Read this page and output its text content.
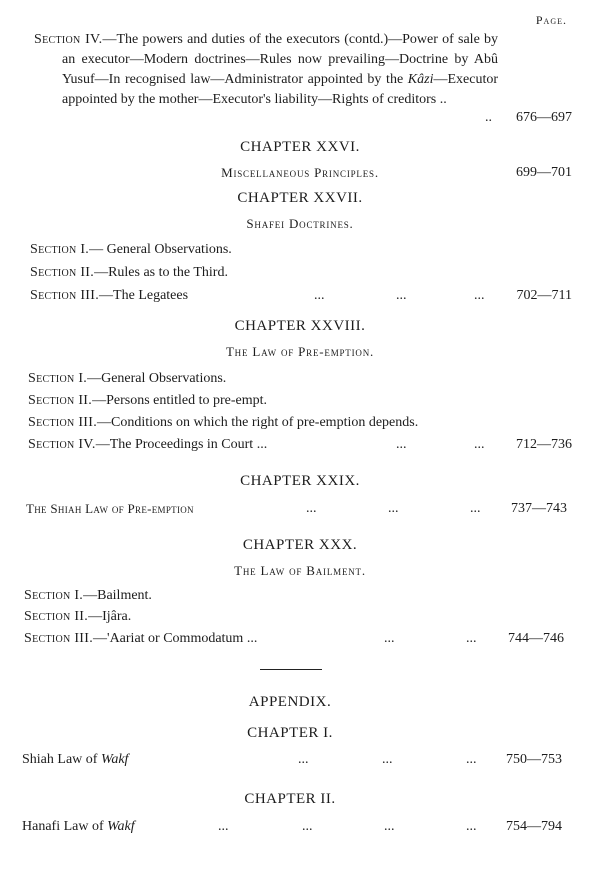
Page.
Section IV.—The powers and duties of the executors (contd.)—Power of sale by an executor—Modern doctrines—Rules now prevailing—Doctrine by Abû Yusuf—In recognised law—Administrator appointed by the Kâzi—Executor appointed by the mother—Executor's liability—Rights of creditors ..
.. 676—697
CHAPTER XXVI.
Miscellaneous Principles.	699—701
CHAPTER XXVII.
Shafei Doctrines.
Section I.— General Observations.
Section II.—Rules as to the Third.
Section III.—The Legatees	...	...	... 702—711
CHAPTER XXVIII.
The Law of Pre-emption.
Section I.—General Observations.
Section II.—Persons entitled to pre-empt.
Section III.—Conditions on which the right of pre-emption depends.
Section IV.—The Proceedings in Court ...	...	... 712—736
CHAPTER XXIX.
The Shiah Law of Pre-emption	...	...	... 737—743
CHAPTER XXX.
The Law of Bailment.
Section I.—Bailment.
Section II.—Ijâra.
Section III.—'Aariat or Commodatum ...	...	... 744—746
APPENDIX.
CHAPTER I.
Shiah Law of Wakf	...	...	... 750—753
CHAPTER II.
Hanafi Law of Wakf	...	...	...	... 754—794
